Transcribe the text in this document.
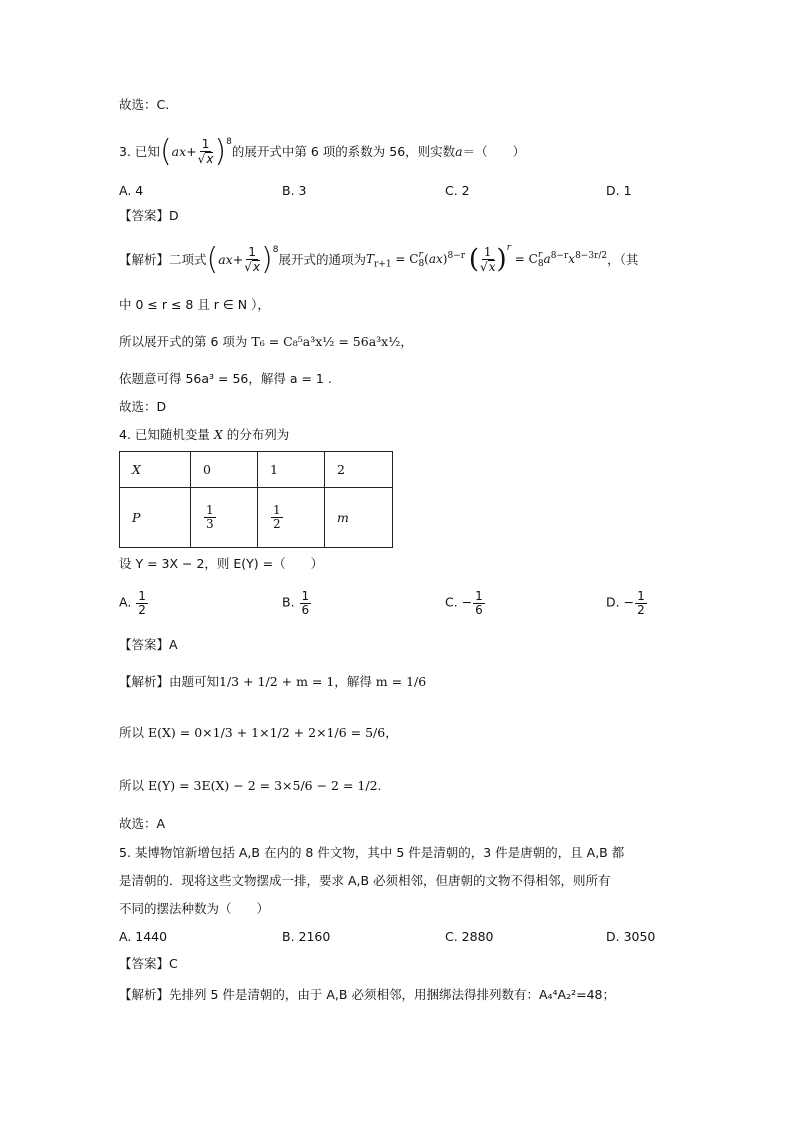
故选：C.
3.
已知 ( ax + $\frac{1}{√x}$ ) 8
的展开式中第 6 项的系数为 56，则实数 a ＝（　　）
A. 4	B. 3	C. 2	D. 1
【答案】D
【解析】二项式 ( ax + $\frac{1}{√x}$ ) 8
展开式的通项为 $T_{r+1} = C$ r
8 (ax)$^{8-r}$ ( $\frac{1}{√x} )^r = C$ r
8 $a^{8-r}x^{8-3r/2}$ ，（其
中 0 ≤ r ≤ 8 且 r ∈ N ），
所以展开式的第 6 项为 T₆ = C₈⁵a³x½ = 56a³x½，
依题意可得 56a³ = 56，解得 a = 1 .
故选：D
4. 已知随机变量 X 的分布列为
X	0	1	2
P	$\frac{1}{3}$	$\frac{1}{2}$	m
设 Y = 3X − 2，则 E(Y) =（　　）
A. $\frac{1}{2}$	B. $\frac{1}{6}$	C. − $\frac{1}{6}$	D. − $\frac{1}{2}$
【答案】A
【解析】由题可知 1/3 + 1/2 + m = 1，解得 m = 1/6
所以 E(X) = 0×1/3 + 1×1/2 + 2×1/6 = 5/6，
所以 E(Y) = 3E(X) − 2 = 3×5/6 − 2 = 1/2.
故选：A
5. 某博物馆新增包括 A,B 在内的 8 件文物，其中 5 件是清朝的，3 件是唐朝的，且 A,B 都
是清朝的．现将这些文物摆成一排，要求 A,B 必须相邻，但唐朝的文物不得相邻，则所有
不同的摆法种数为（　　）
A. 1440	B. 2160	C. 2880	D. 3050
【答案】C
【解析】先排列 5 件是清朝的，由于 A,B 必须相邻，用捆绑法得排列数有：A₄⁴A₂²=48；
